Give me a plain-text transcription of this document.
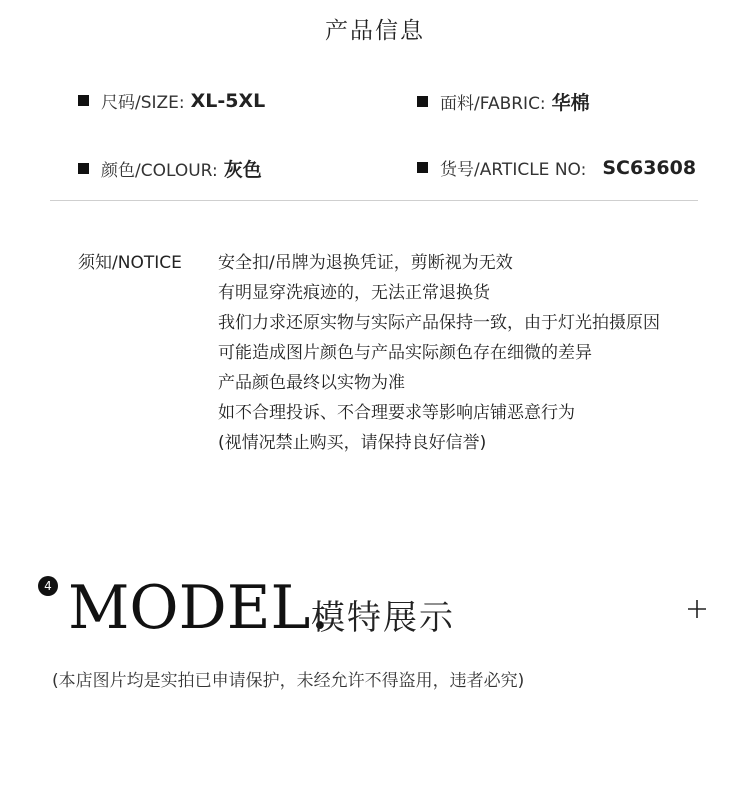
产品信息
尺码/SIZE: XL-5XL	面料/FABRIC: 华棉
颜色/COLOUR: 灰色	货号/ARTICLE NO: SC63608
须知/NOTICE 安全扣/吊牌为退换凭证，剪断视为无效
有明显穿洗痕迹的，无法正常退换货
我们力求还原实物与实际产品保持一致，由于灯光拍摄原因
可能造成图片颜色与产品实际颜色存在细微的差异
产品颜色最终以实物为准
如不合理投诉、不合理要求等影响店铺恶意行为
(视情况禁止购买，请保持良好信誉)
4 MODEL.
模特展示
(本店图片均是实拍已申请保护，未经允许不得盗用，违者必究)
